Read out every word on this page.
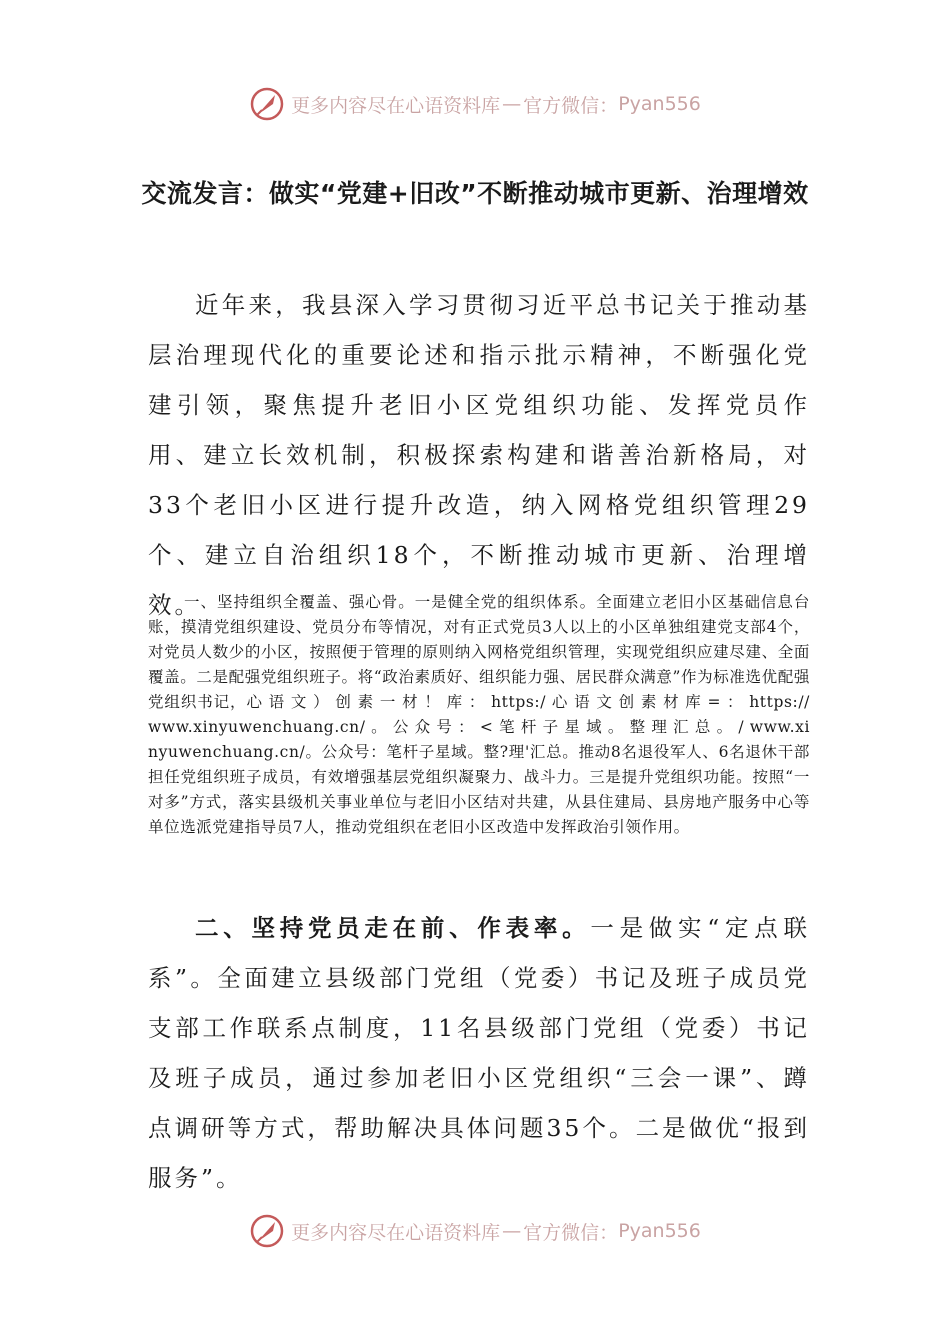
更多内容尽在心语资料库 — 官方微信： Pyan556
交流发言：做实“党建+旧改”不断推动城市更新、治理增效

近年来，我县深入学习贯彻习近平总书记关于推动基层治理现代化的重要论述和指示批示精神，不断强化党建引领，聚焦提升老旧小区党组织功能、发挥党员作用、建立长效机制，积极探索构建和谐善治新格局，对33个老旧小区进行提升改造，纳入网格党组织管理29个、建立自治组织18个，不断推动城市更新、治理增效。

一、坚持组织全覆盖、强心骨。一是健全党的组织体系。全面建立老旧小区基础信息台账，摸清党组织建设、党员分布等情况，对有正式党员3人以上的小区单独组建党支部4个，对党员人数少的小区，按照便于管理的原则纳入网格党组织管理，实现党组织应建尽建、全面覆盖。二是配强党组织班子。将“政治素质好、组织能力强、居民群众满意”作为标准选优配强党组织书记，心 语 文 ） 创 素 一 材 ！ 库 ： https:/ 心 语 文 创 素 材 库 = ： https:// www.xinyuwenchuang.cn/ 。 公 众 号 ： < 笔 杆 子 星 域 。 整 理 汇 总 。 / www.xinyuwenchuang.cn/。公众号：笔杆子星域。整?理'汇总。推动8名退役军人、6名退休干部担任党组织班子成员，有效增强基层党组织凝聚力、战斗力。三是提升党组织功能。按照“一对多”方式，落实县级机关事业单位与老旧小区结对共建，从县住建局、县房地产服务中心等单位选派党建指导员7人，推动党组织在老旧小区改造中发挥政治引领作用。

二、坚持党员走在前、作表率。一是做实“定点联系”。全面建立县级部门党组（党委）书记及班子成员党支部工作联系点制度，11名县级部门党组（党委）书记及班子成员，通过参加老旧小区党组织“三会一课”、蹲点调研等方式，帮助解决具体问题35个。二是做优“报到服务”。

更多内容尽在心语资料库 — 官方微信： Pyan556
